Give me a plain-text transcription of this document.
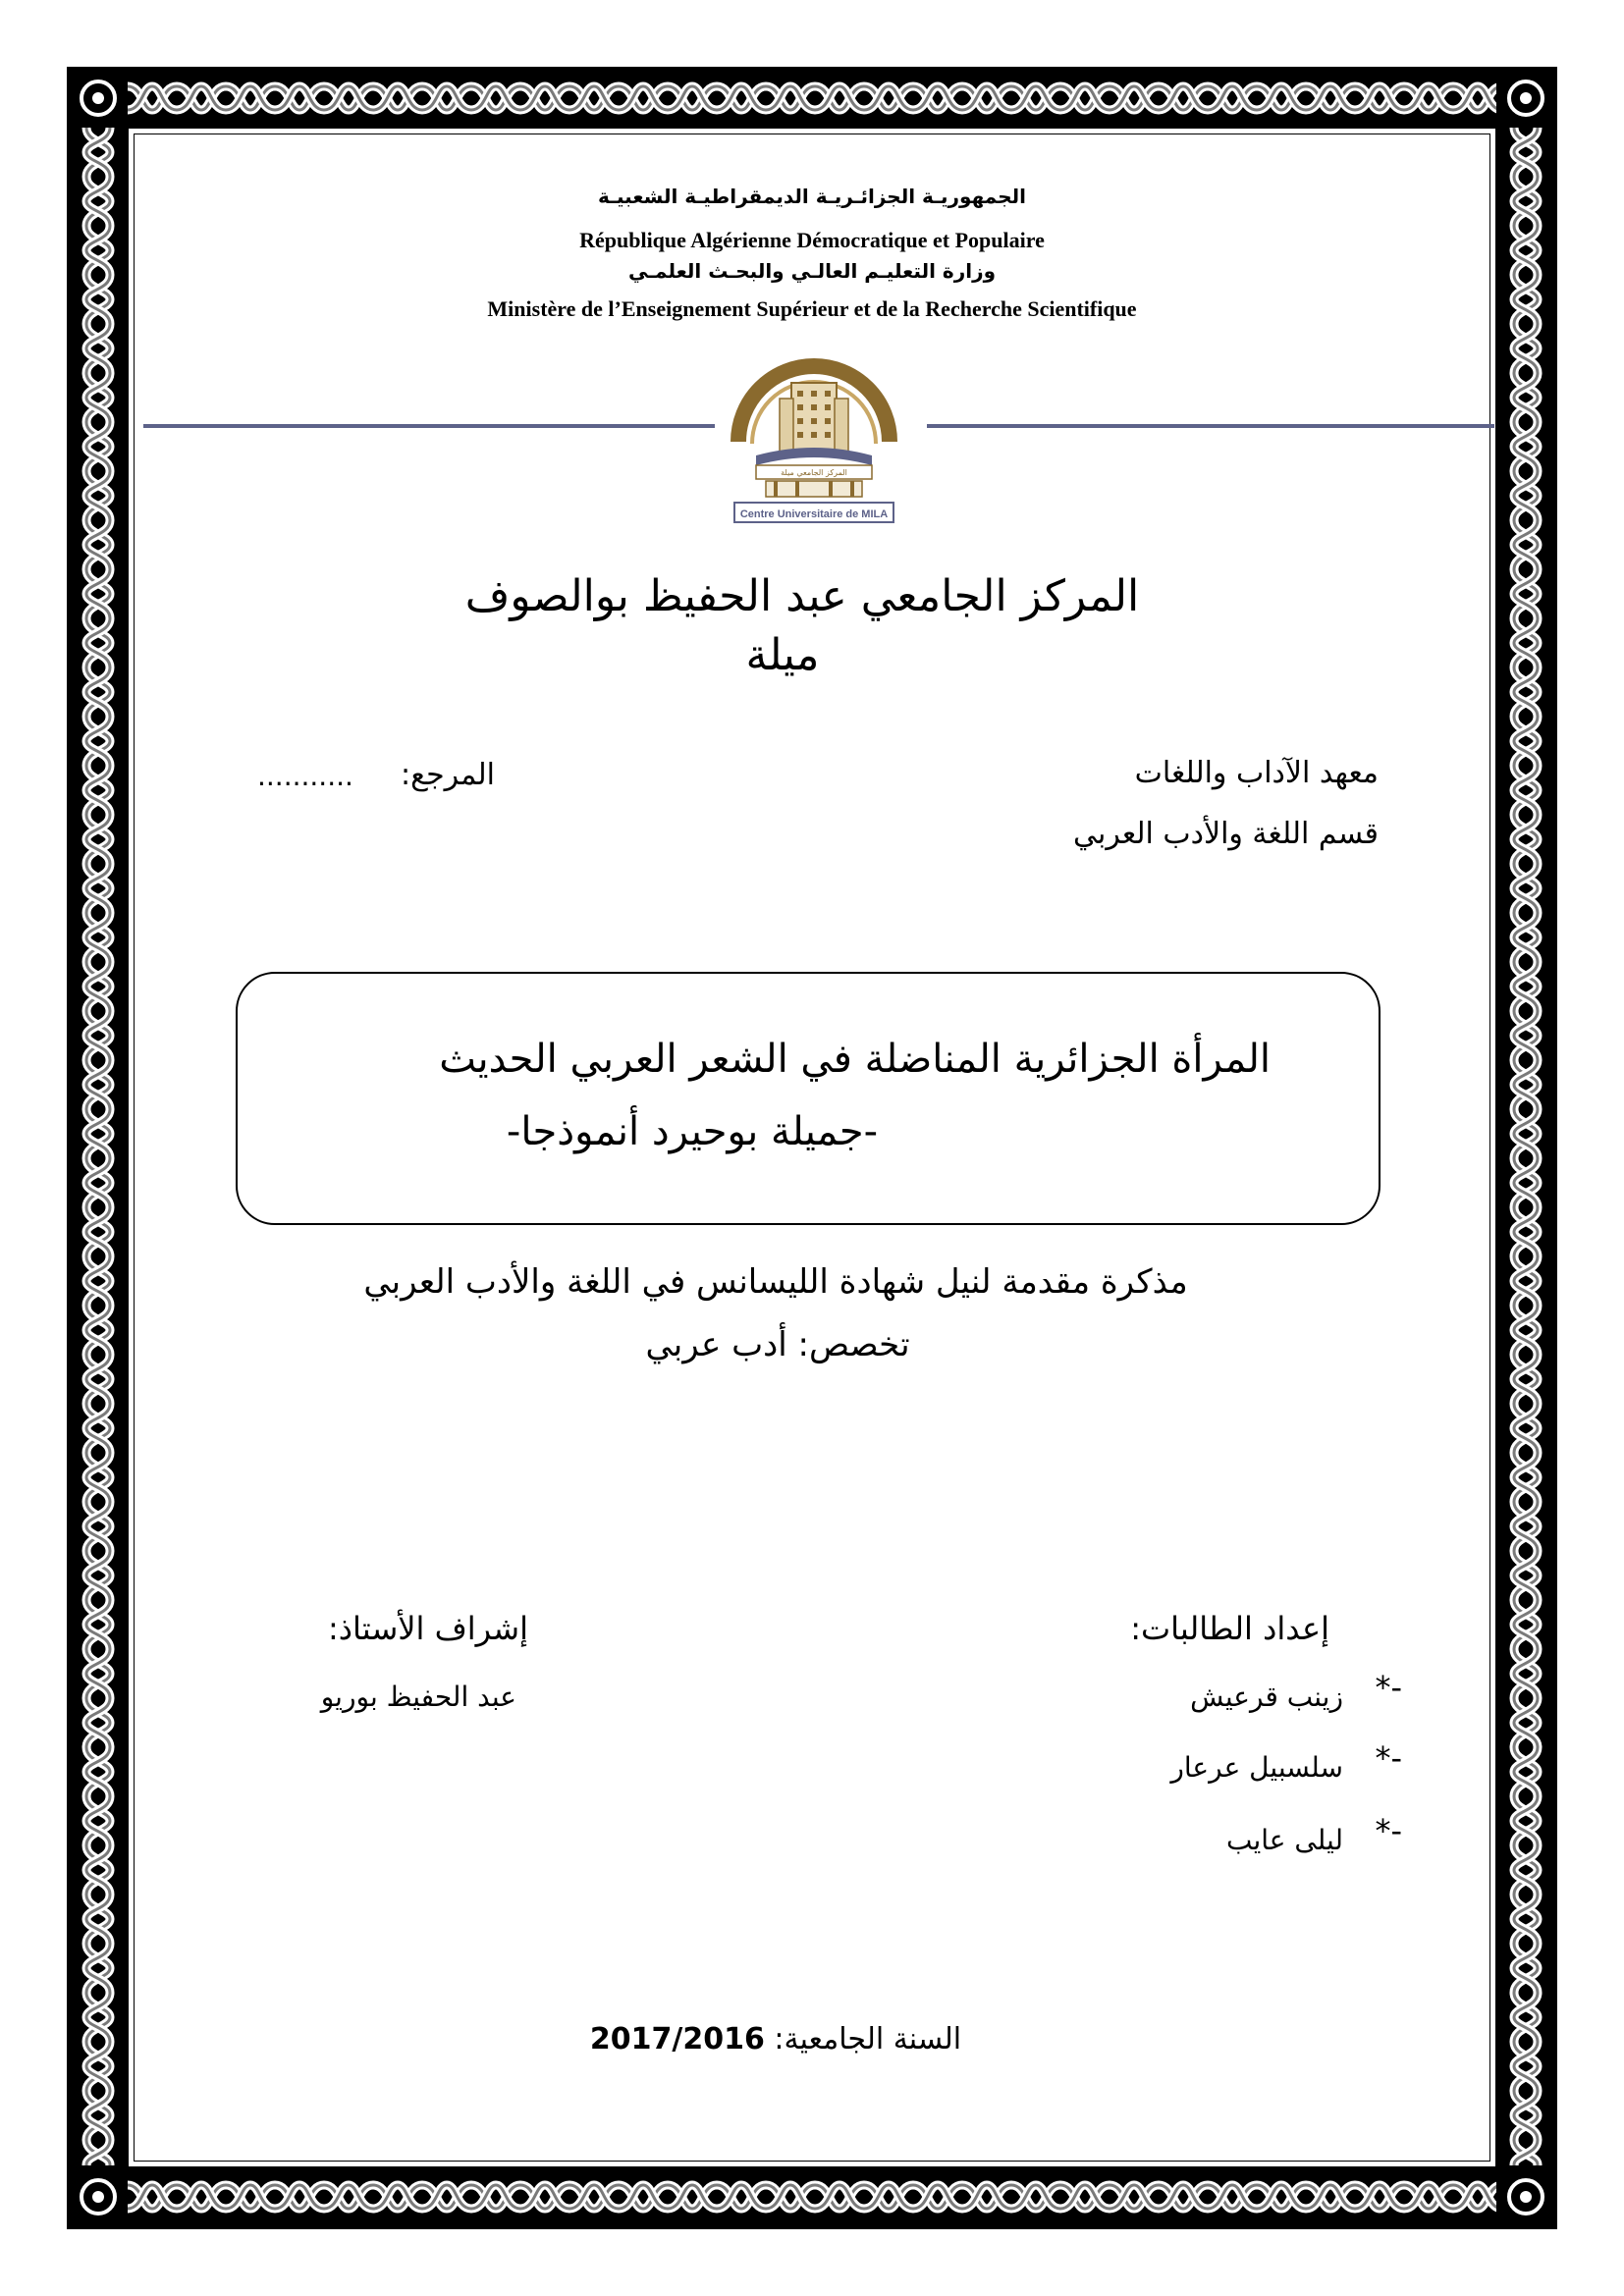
الجمهوريـة الجزائـريـة الديمقراطيـة الشعبيـة
République Algérienne Démocratique et Populaire
وزارة التعليـم العالـي والبحـث العلمـي
Ministère de l’Enseignement Supérieur et de la Recherche Scientifique
المركز الجامعي ميلة
Centre Universitaire de MILA
المركز الجامعي عبد الحفيظ بوالصوف
ميلة
معهد الآداب واللغات
قسم اللغة والأدب العربي
المرجع:
...........
المرأة الجزائرية المناضلة في الشعر العربي الحديث
-جميلة بوحيرد أنموذجا-
مذكرة مقدمة لنيل شهادة الليسانس في اللغة والأدب العربي
تخصص: أدب عربي
إعداد الطالبات:
*-
زينب قرعيش
*-
سلسبيل عرعار
*-
ليلى عايب
إشراف الأستاذ:
عبد الحفيظ بوريو
2017/2016 السنة الجامعية:
